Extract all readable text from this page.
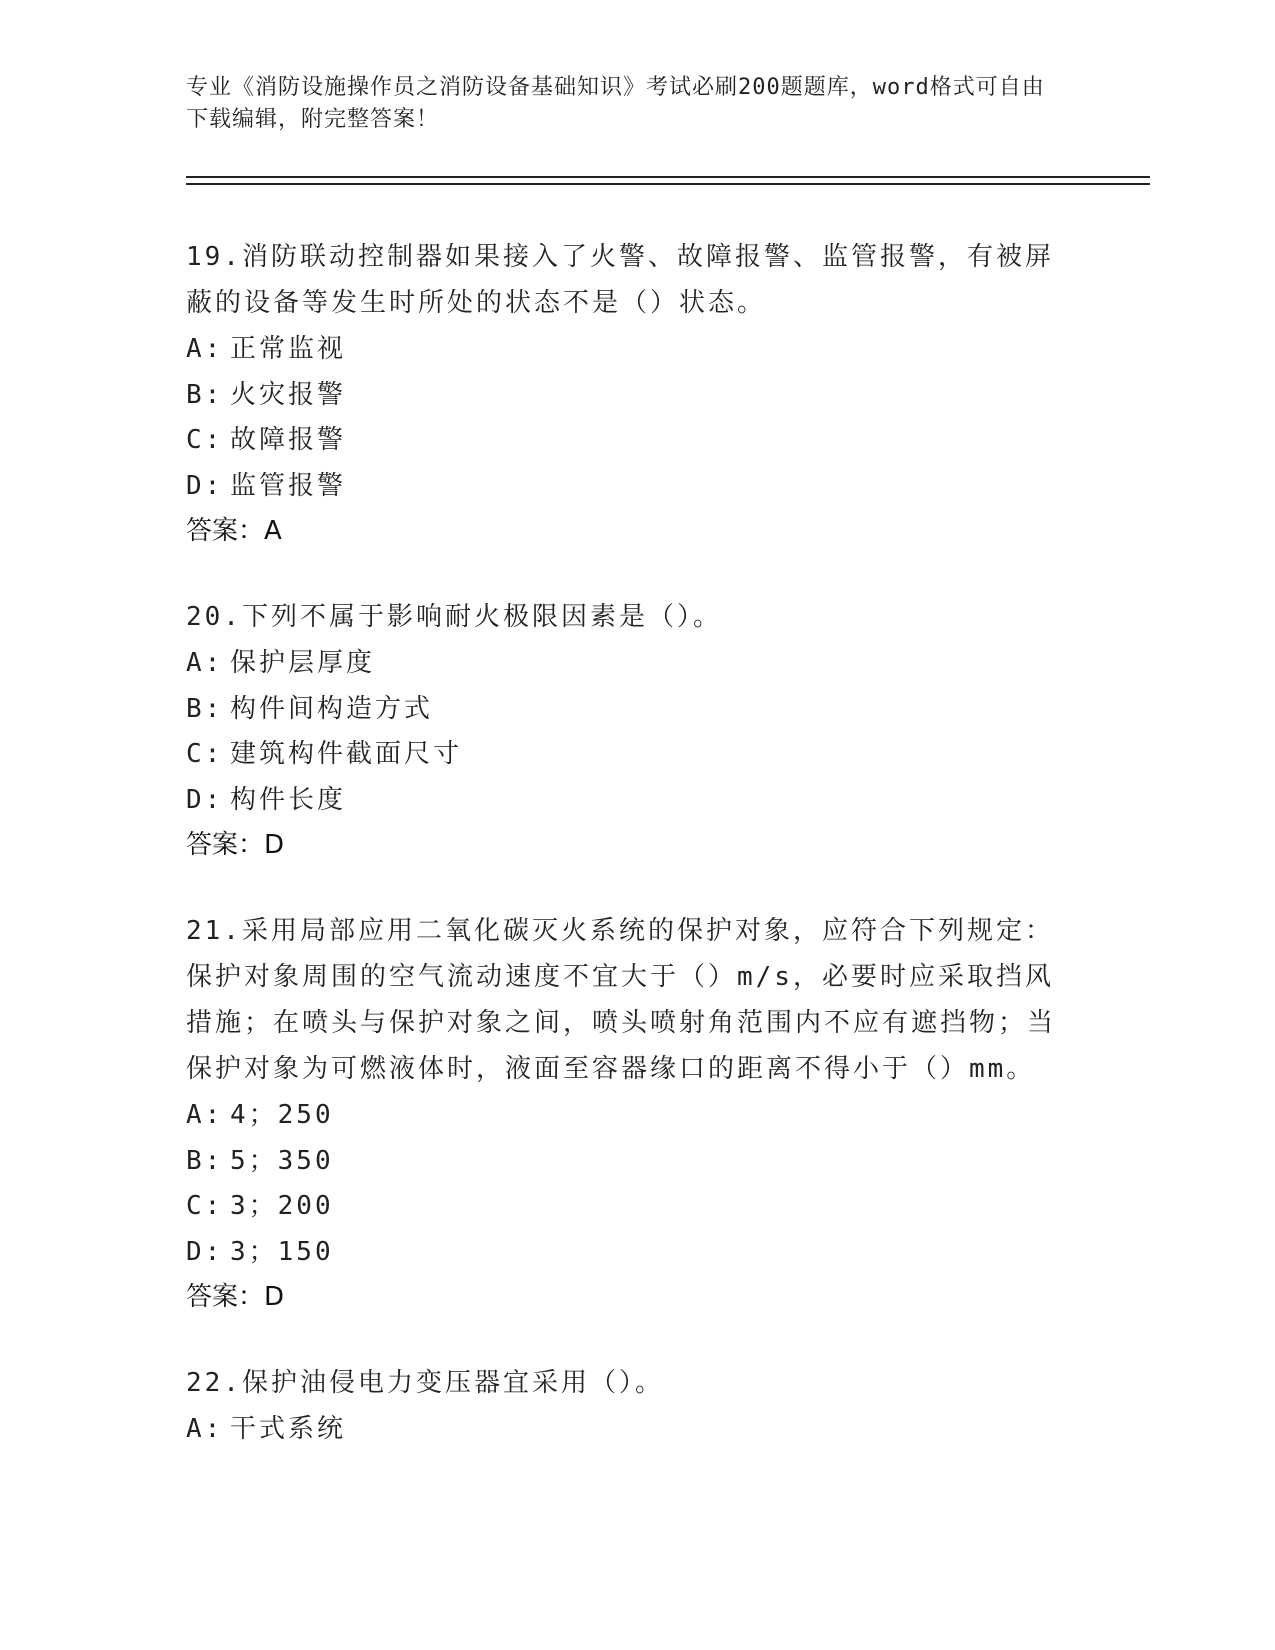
专业《消防设施操作员之消防设备基础知识》考试必刷200题题库，word格式可自由下载编辑，附完整答案！
19.消防联动控制器如果接入了火警、故障报警、监管报警，有被屏蔽的设备等发生时所处的状态不是（）状态。
A: 正常监视
B: 火灾报警
C: 故障报警
D: 监管报警
答案：A
20.下列不属于影响耐火极限因素是（）。
A: 保护层厚度
B: 构件间构造方式
C: 建筑构件截面尺寸
D: 构件长度
答案：D
21.采用局部应用二氧化碳灭火系统的保护对象，应符合下列规定：保护对象周围的空气流动速度不宜大于（）m/s，必要时应采取挡风措施；在喷头与保护对象之间，喷头喷射角范围内不应有遮挡物；当保护对象为可燃液体时，液面至容器缘口的距离不得小于（）mm。
A: 4；250
B: 5；350
C: 3；200
D: 3；150
答案：D
22.保护油侵电力变压器宜采用（）。
A: 干式系统
